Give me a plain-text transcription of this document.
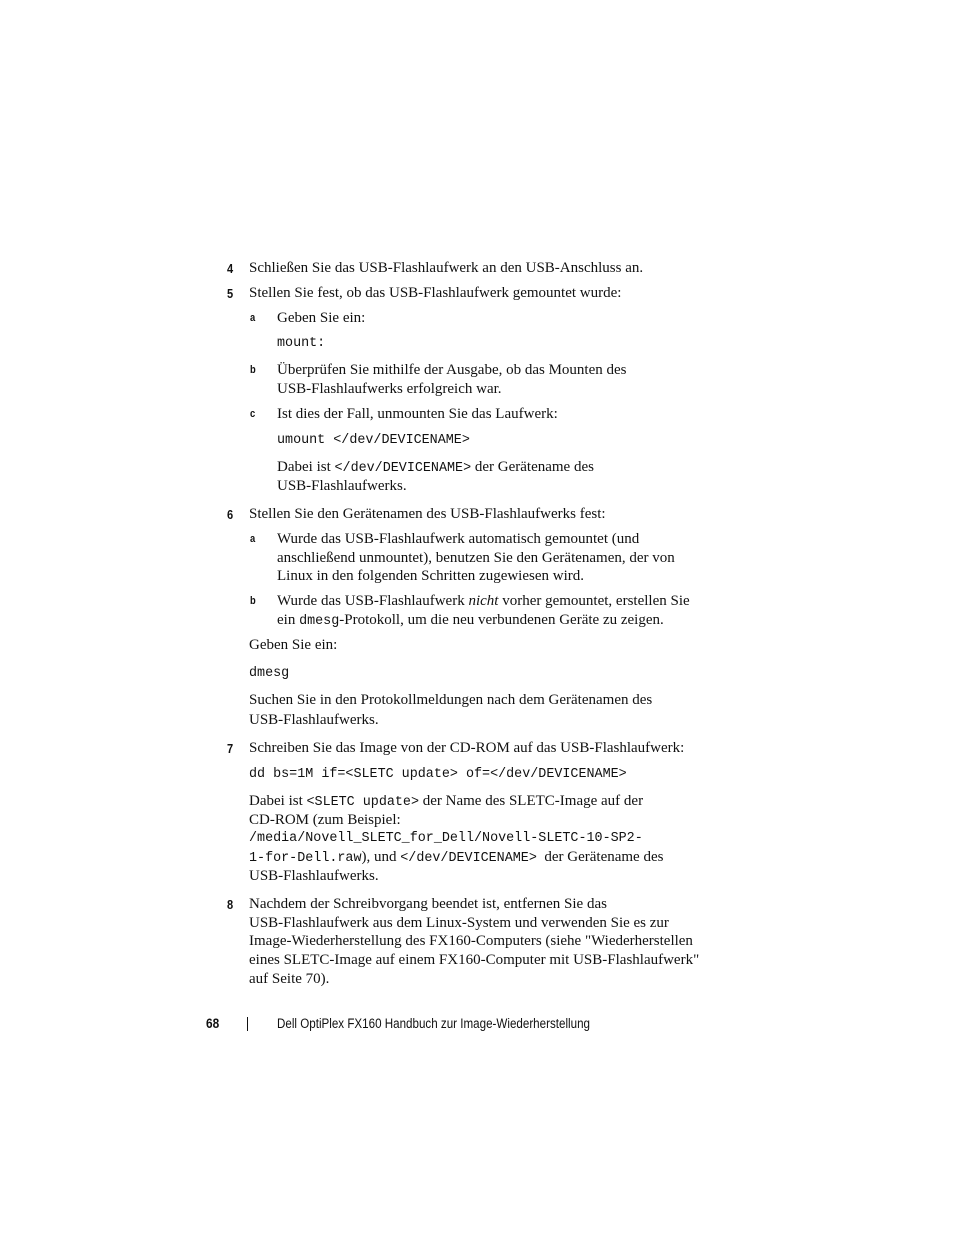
4 Schließen Sie das USB-Flashlaufwerk an den USB-Anschluss an.
5 Stellen Sie fest, ob das USB-Flashlaufwerk gemountet wurde:
a Geben Sie ein:
mount:
b Überprüfen Sie mithilfe der Ausgabe, ob das Mounten des
USB-Flashlaufwerks erfolgreich war.
c Ist dies der Fall, unmounten Sie das Laufwerk:
umount </dev/DEVICENAME>
Dabei ist </dev/DEVICENAME> der Gerätename des
USB-Flashlaufwerks.
6 Stellen Sie den Gerätenamen des USB-Flashlaufwerks fest:
a Wurde das USB-Flashlaufwerk automatisch gemountet (und
anschließend unmountet), benutzen Sie den Gerätenamen, der von
Linux in den folgenden Schritten zugewiesen wird.
b Wurde das USB-Flashlaufwerk nicht vorher gemountet, erstellen Sie
ein dmesg-Protokoll, um die neu verbundenen Geräte zu zeigen.
Geben Sie ein:
dmesg
Suchen Sie in den Protokollmeldungen nach dem Gerätenamen des
USB-Flashlaufwerks.
7 Schreiben Sie das Image von der CD-ROM auf das USB-Flashlaufwerk:
dd bs=1M if=<SLETC update> of=</dev/DEVICENAME>
Dabei ist <SLETC update> der Name des SLETC-Image auf der
CD-ROM (zum Beispiel:
/media/Novell_SLETC_for_Dell/Novell-SLETC-10-SP2-
1-for-Dell.raw), und </dev/DEVICENAME>  der Gerätename des
USB-Flashlaufwerks.
8 Nachdem der Schreibvorgang beendet ist, entfernen Sie das
USB-Flashlaufwerk aus dem Linux-System und verwenden Sie es zur
Image-Wiederherstellung des FX160-Computers (siehe "Wiederherstellen
eines SLETC-Image auf einem FX160-Computer mit USB-Flashlaufwerk"
auf Seite 70).
68	Dell OptiPlex FX160 Handbuch zur Image-Wiederherstellung
